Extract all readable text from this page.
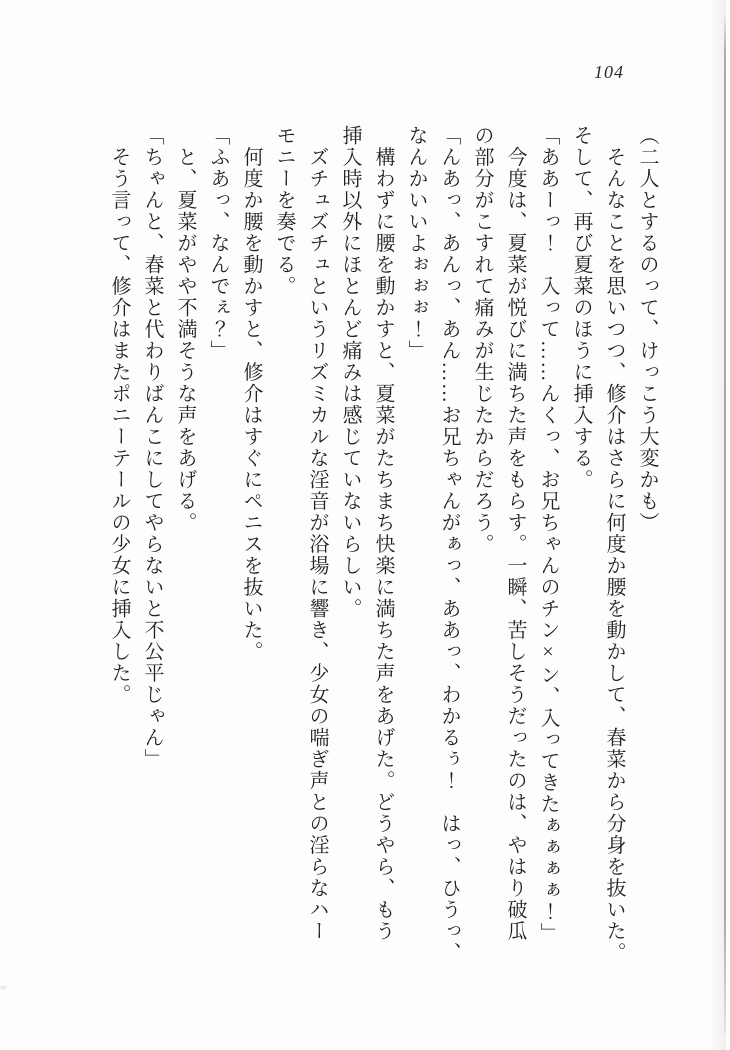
104

（二人とするのって、けっこう大変かも）

　そんなことを思いつつ、修介はさらに何度か腰を動かして、春菜から分身を抜いた。

そして、再び夏菜のほうに挿入する。

「ああーっ！　入って……んくっ、お兄ちゃんのチン×ン、入ってきたぁぁぁぁ！」

　今度は、夏菜が悦びに満ちた声をもらす。一瞬、苦しそうだったのは、やはり破瓜

の部分がこすれて痛みが生じたからだろう。

「んあっ、あんっ、あん……お兄ちゃんがぁっ、ああっ、わかるぅ！　はっ、ひうっ、

なんかいいよぉぉぉ！」

　構わずに腰を動かすと、夏菜がたちまち快楽に満ちた声をあげた。どうやら、もう

挿入時以外にほとんど痛みは感じていないらしい。

　ズチュズチュというリズミカルな淫音が浴場に響き、少女の喘ぎ声との淫らなハー

モニーを奏でる。

　何度か腰を動かすと、修介はすぐにペニスを抜いた。

「ふあっ、なんでぇ？」

　と、夏菜がやや不満そうな声をあげる。

「ちゃんと、春菜と代わりばんこにしてやらないと不公平じゃん」

　そう言って、修介はまたポニーテールの少女に挿入した。
